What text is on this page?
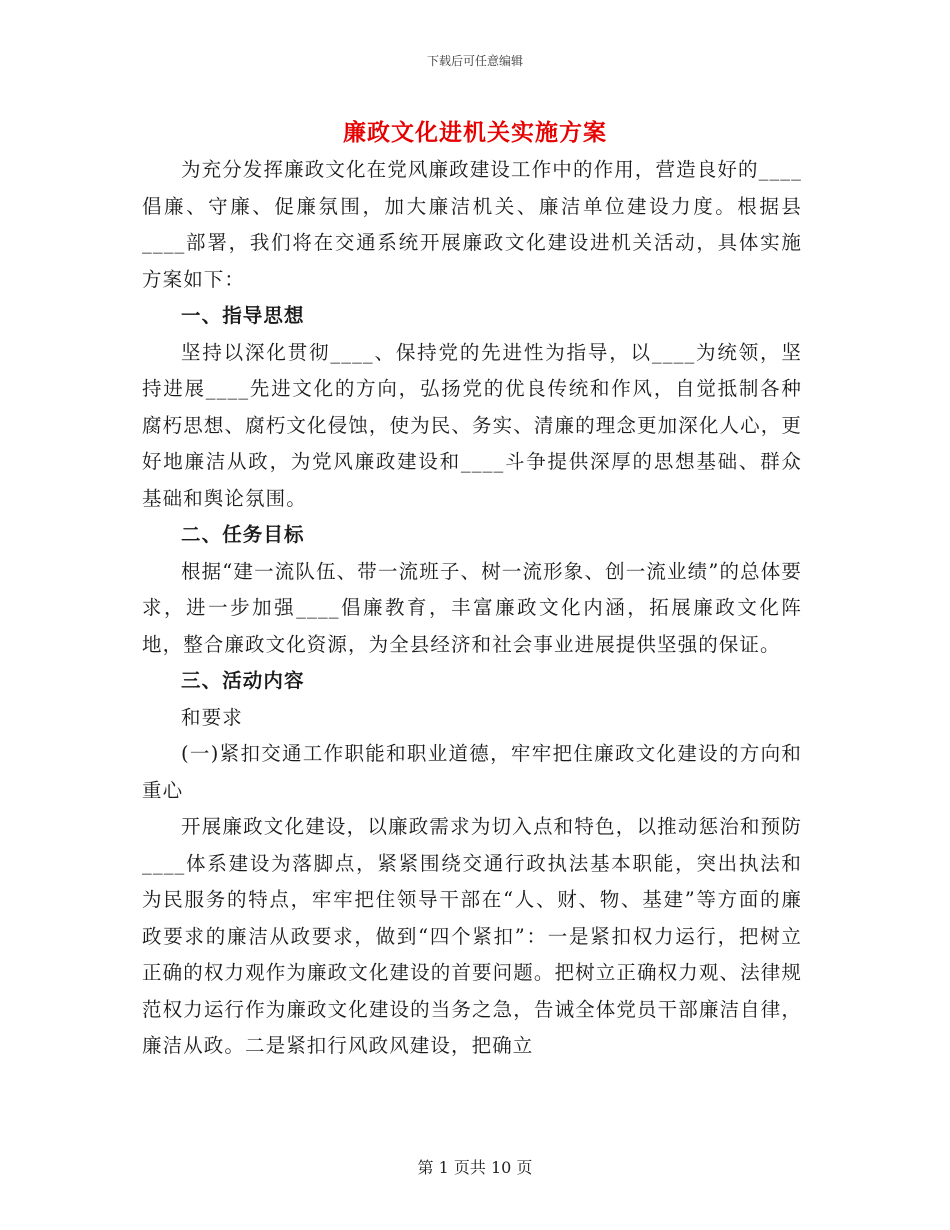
下载后可任意编辑
廉政文化进机关实施方案

为充分发挥廉政文化在党风廉政建设工作中的作用，营造良好的____倡廉、守廉、促廉氛围，加大廉洁机关、廉洁单位建设力度。根据县____部署，我们将在交通系统开展廉政文化建设进机关活动，具体实施方案如下：

一、指导思想

坚持以深化贯彻____、保持党的先进性为指导，以____为统领，坚持进展____先进文化的方向，弘扬党的优良传统和作风，自觉抵制各种腐朽思想、腐朽文化侵蚀，使为民、务实、清廉的理念更加深化人心，更好地廉洁从政，为党风廉政建设和____斗争提供深厚的思想基础、群众基础和舆论氛围。

二、任务目标

根据“建一流队伍、带一流班子、树一流形象、创一流业绩”的总体要求，进一步加强____倡廉教育，丰富廉政文化内涵，拓展廉政文化阵地，整合廉政文化资源，为全县经济和社会事业进展提供坚强的保证。

三、活动内容

和要求

(一)紧扣交通工作职能和职业道德，牢牢把住廉政文化建设的方向和重心

开展廉政文化建设，以廉政需求为切入点和特色，以推动惩治和预防____体系建设为落脚点，紧紧围绕交通行政执法基本职能，突出执法和为民服务的特点，牢牢把住领导干部在“人、财、物、基建”等方面的廉政要求的廉洁从政要求，做到“四个紧扣”：一是紧扣权力运行，把树立正确的权力观作为廉政文化建设的首要问题。把树立正确权力观、法律规范权力运行作为廉政文化建设的当务之急，告诫全体党员干部廉洁自律，廉洁从政。二是紧扣行风政风建设，把确立

第 1 页共 10 页
